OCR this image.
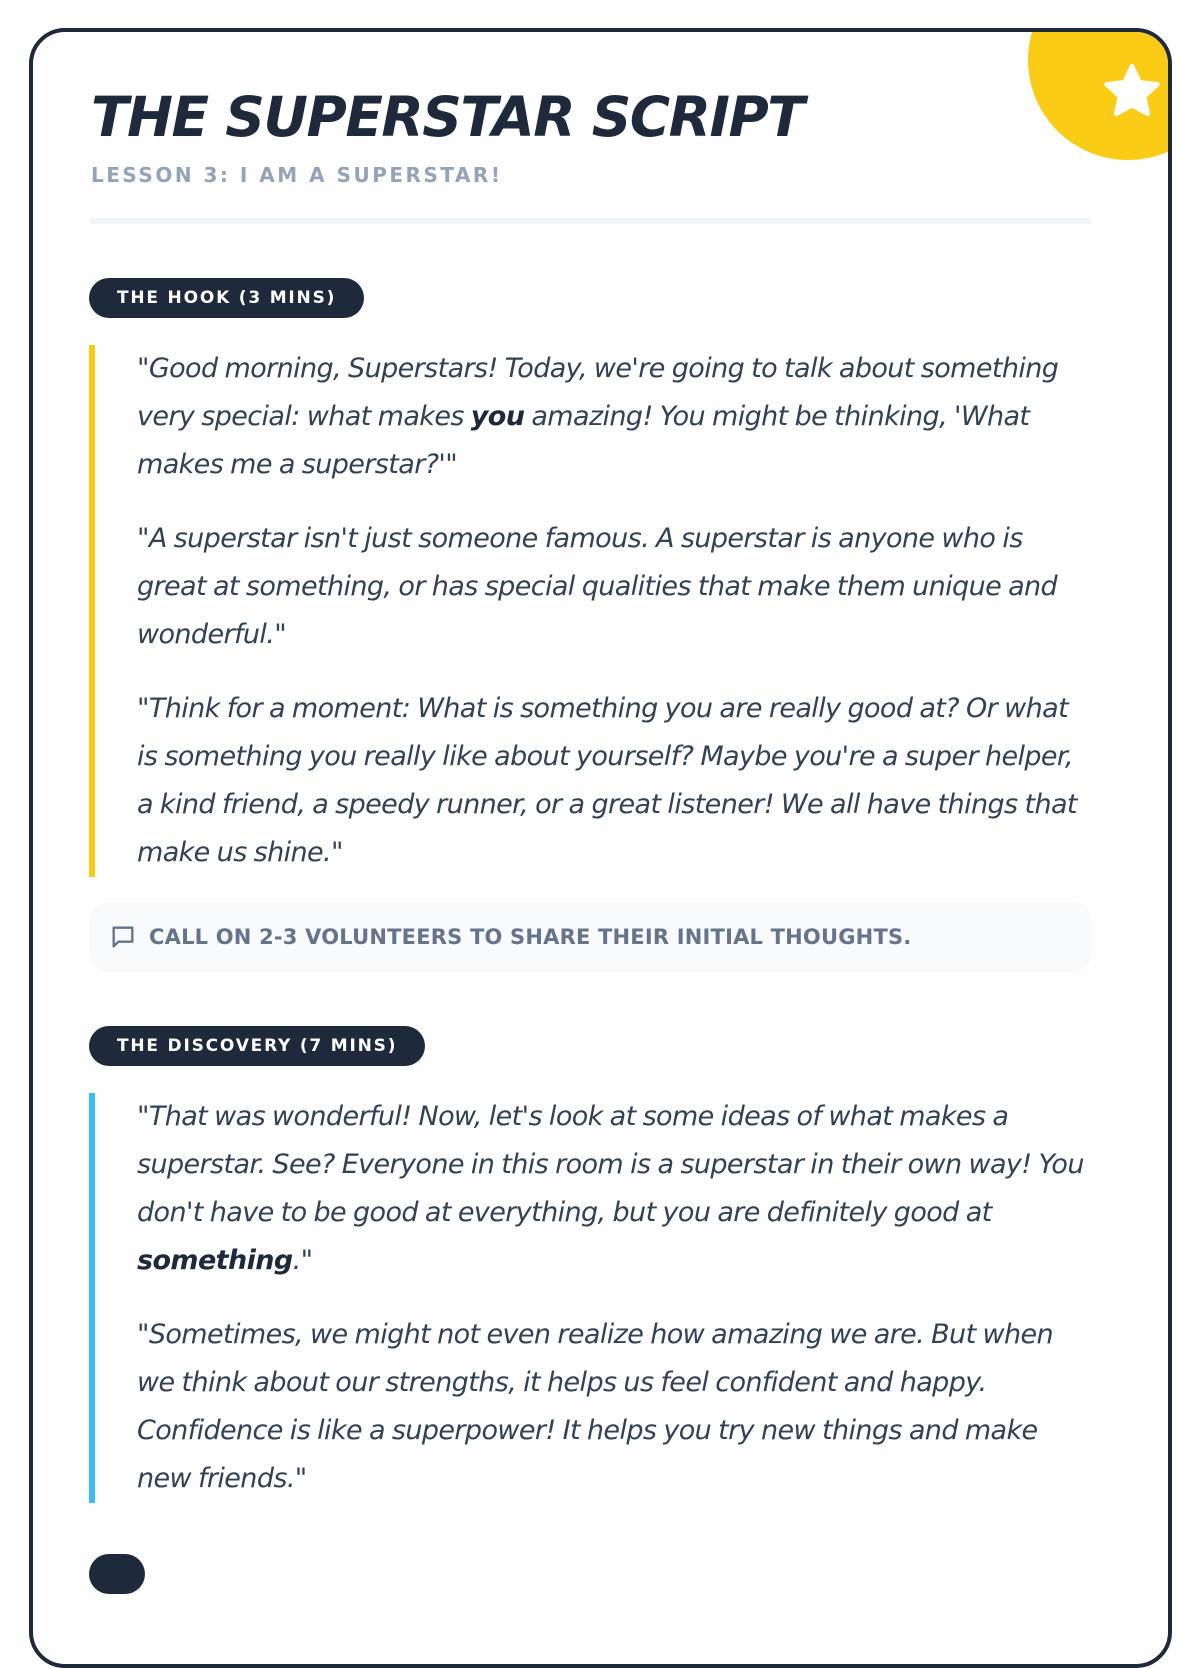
THE SUPERSTAR SCRIPT
LESSON 3: I AM A SUPERSTAR!
THE HOOK (3 MINS)

"Good morning, Superstars! Today, we're going to talk about something very special: what makes you amazing! You might be thinking, 'What makes me a superstar?'"

"A superstar isn't just someone famous. A superstar is anyone who is great at something, or has special qualities that make them unique and wonderful."

"Think for a moment: What is something you are really good at? Or what is something you really like about yourself? Maybe you're a super helper, a kind friend, a speedy runner, or a great listener! We all have things that make us shine."

CALL ON 2-3 VOLUNTEERS TO SHARE THEIR INITIAL THOUGHTS.
THE DISCOVERY (7 MINS)

"That was wonderful! Now, let's look at some ideas of what makes a superstar. See? Everyone in this room is a superstar in their own way! You don't have to be good at everything, but you are definitely good at something."

"Sometimes, we might not even realize how amazing we are. But when we think about our strengths, it helps us feel confident and happy. Confidence is like a superpower! It helps you try new things and make new friends."
